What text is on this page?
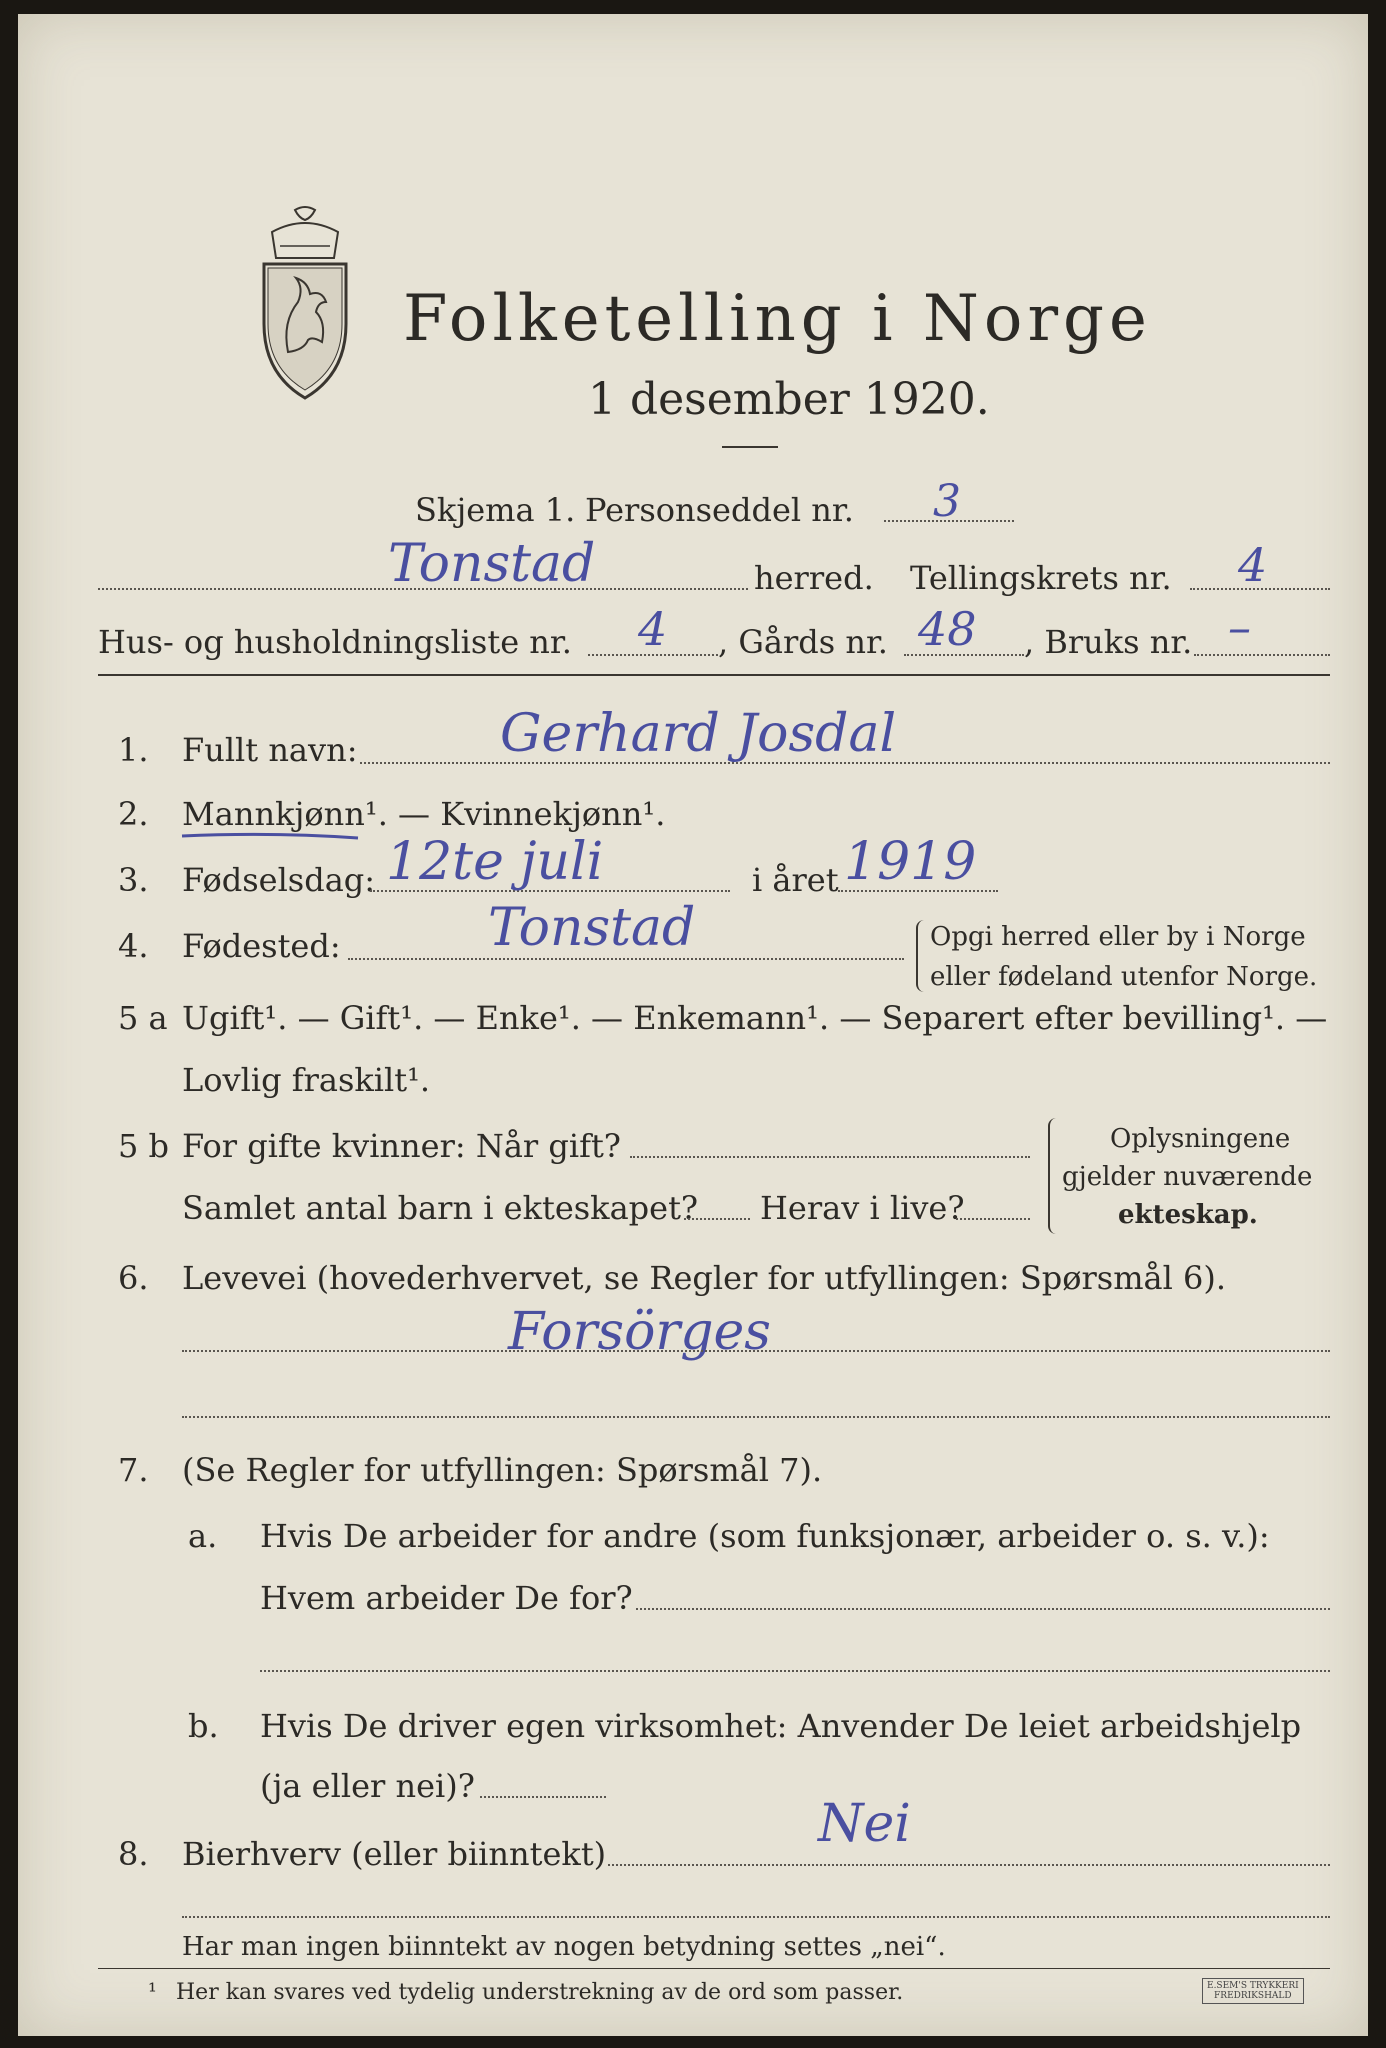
Folketelling i Norge
1 desember 1920.
Skjema 1. Personseddel nr. 3
Tonstad	herred. Tellingskrets nr. 4
Hus- og husholdningsliste nr. 4 , Gårds nr. 48 , Bruks nr. –
1. Fullt navn:	Gerhard Josdal
2. Mannkjønn¹. — Kvinnekjønn¹.
3. Fødselsdag: 12te juli	i året 1919
4. Fødested:	Tonstad	Opgi herred eller by i Norge
eller fødeland utenfor Norge.
5 a Ugift¹. — Gift¹. — Enke¹. — Enkemann¹. — Separert efter bevilling¹. —
Lovlig fraskilt¹.
5 b For gifte kvinner: Når gift?
Samlet antal barn i ekteskapet? Herav i live?
Oplysningene
gjelder nuværende
ekteskap.
6. Levevei (hovederhvervet, se Regler for utfyllingen: Spørsmål 6).
Forsörges
7. (Se Regler for utfyllingen: Spørsmål 7).
a. Hvis De arbeider for andre (som funksjonær, arbeider o. s. v.):
Hvem arbeider De for?
b. Hvis De driver egen virksomhet: Anvender De leiet arbeidshjelp
(ja eller nei)?
8. Bierhverv (eller biinntekt)	Nei
Har man ingen biinntekt av nogen betydning settes „nei“.
¹ Her kan svares ved tydelig understrekning av de ord som passer.	E.SEM'S TRYKKERI
FREDRIKSHALD
